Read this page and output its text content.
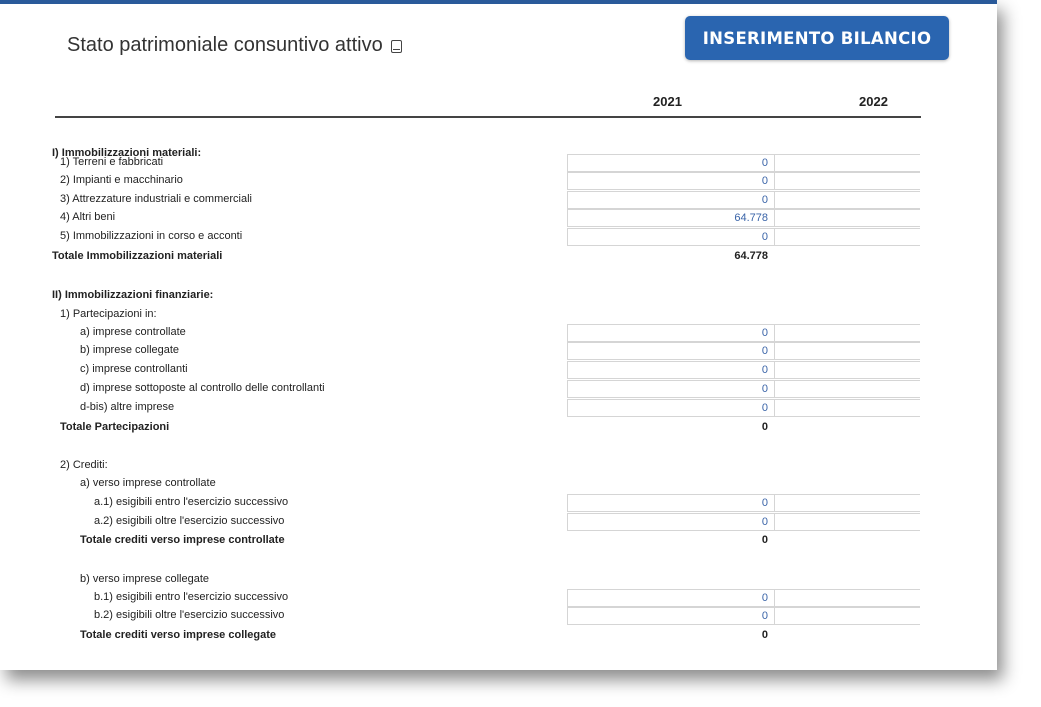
Stato patrimoniale consuntivo attivo	INSERIMENTO BILANCIO
2021	2022
I) Immobilizzazioni materiali:
1) Terreni e fabbricati	0
2) Impianti e macchinario	0
3) Attrezzature industriali e commerciali	0
4) Altri beni	64.778
5) Immobilizzazioni in corso e acconti	0
Totale Immobilizzazioni materiali	64.778
II) Immobilizzazioni finanziarie:
1) Partecipazioni in:
a) imprese controllate	0
b) imprese collegate	0
c) imprese controllanti	0
d) imprese sottoposte al controllo delle controllanti	0
d-bis) altre imprese	0
Totale Partecipazioni	0
2) Crediti:
a) verso imprese controllate
a.1) esigibili entro l'esercizio successivo	0
a.2) esigibili oltre l'esercizio successivo	0
Totale crediti verso imprese controllate	0
b) verso imprese collegate
b.1) esigibili entro l'esercizio successivo	0
b.2) esigibili oltre l'esercizio successivo	0
Totale crediti verso imprese collegate	0
